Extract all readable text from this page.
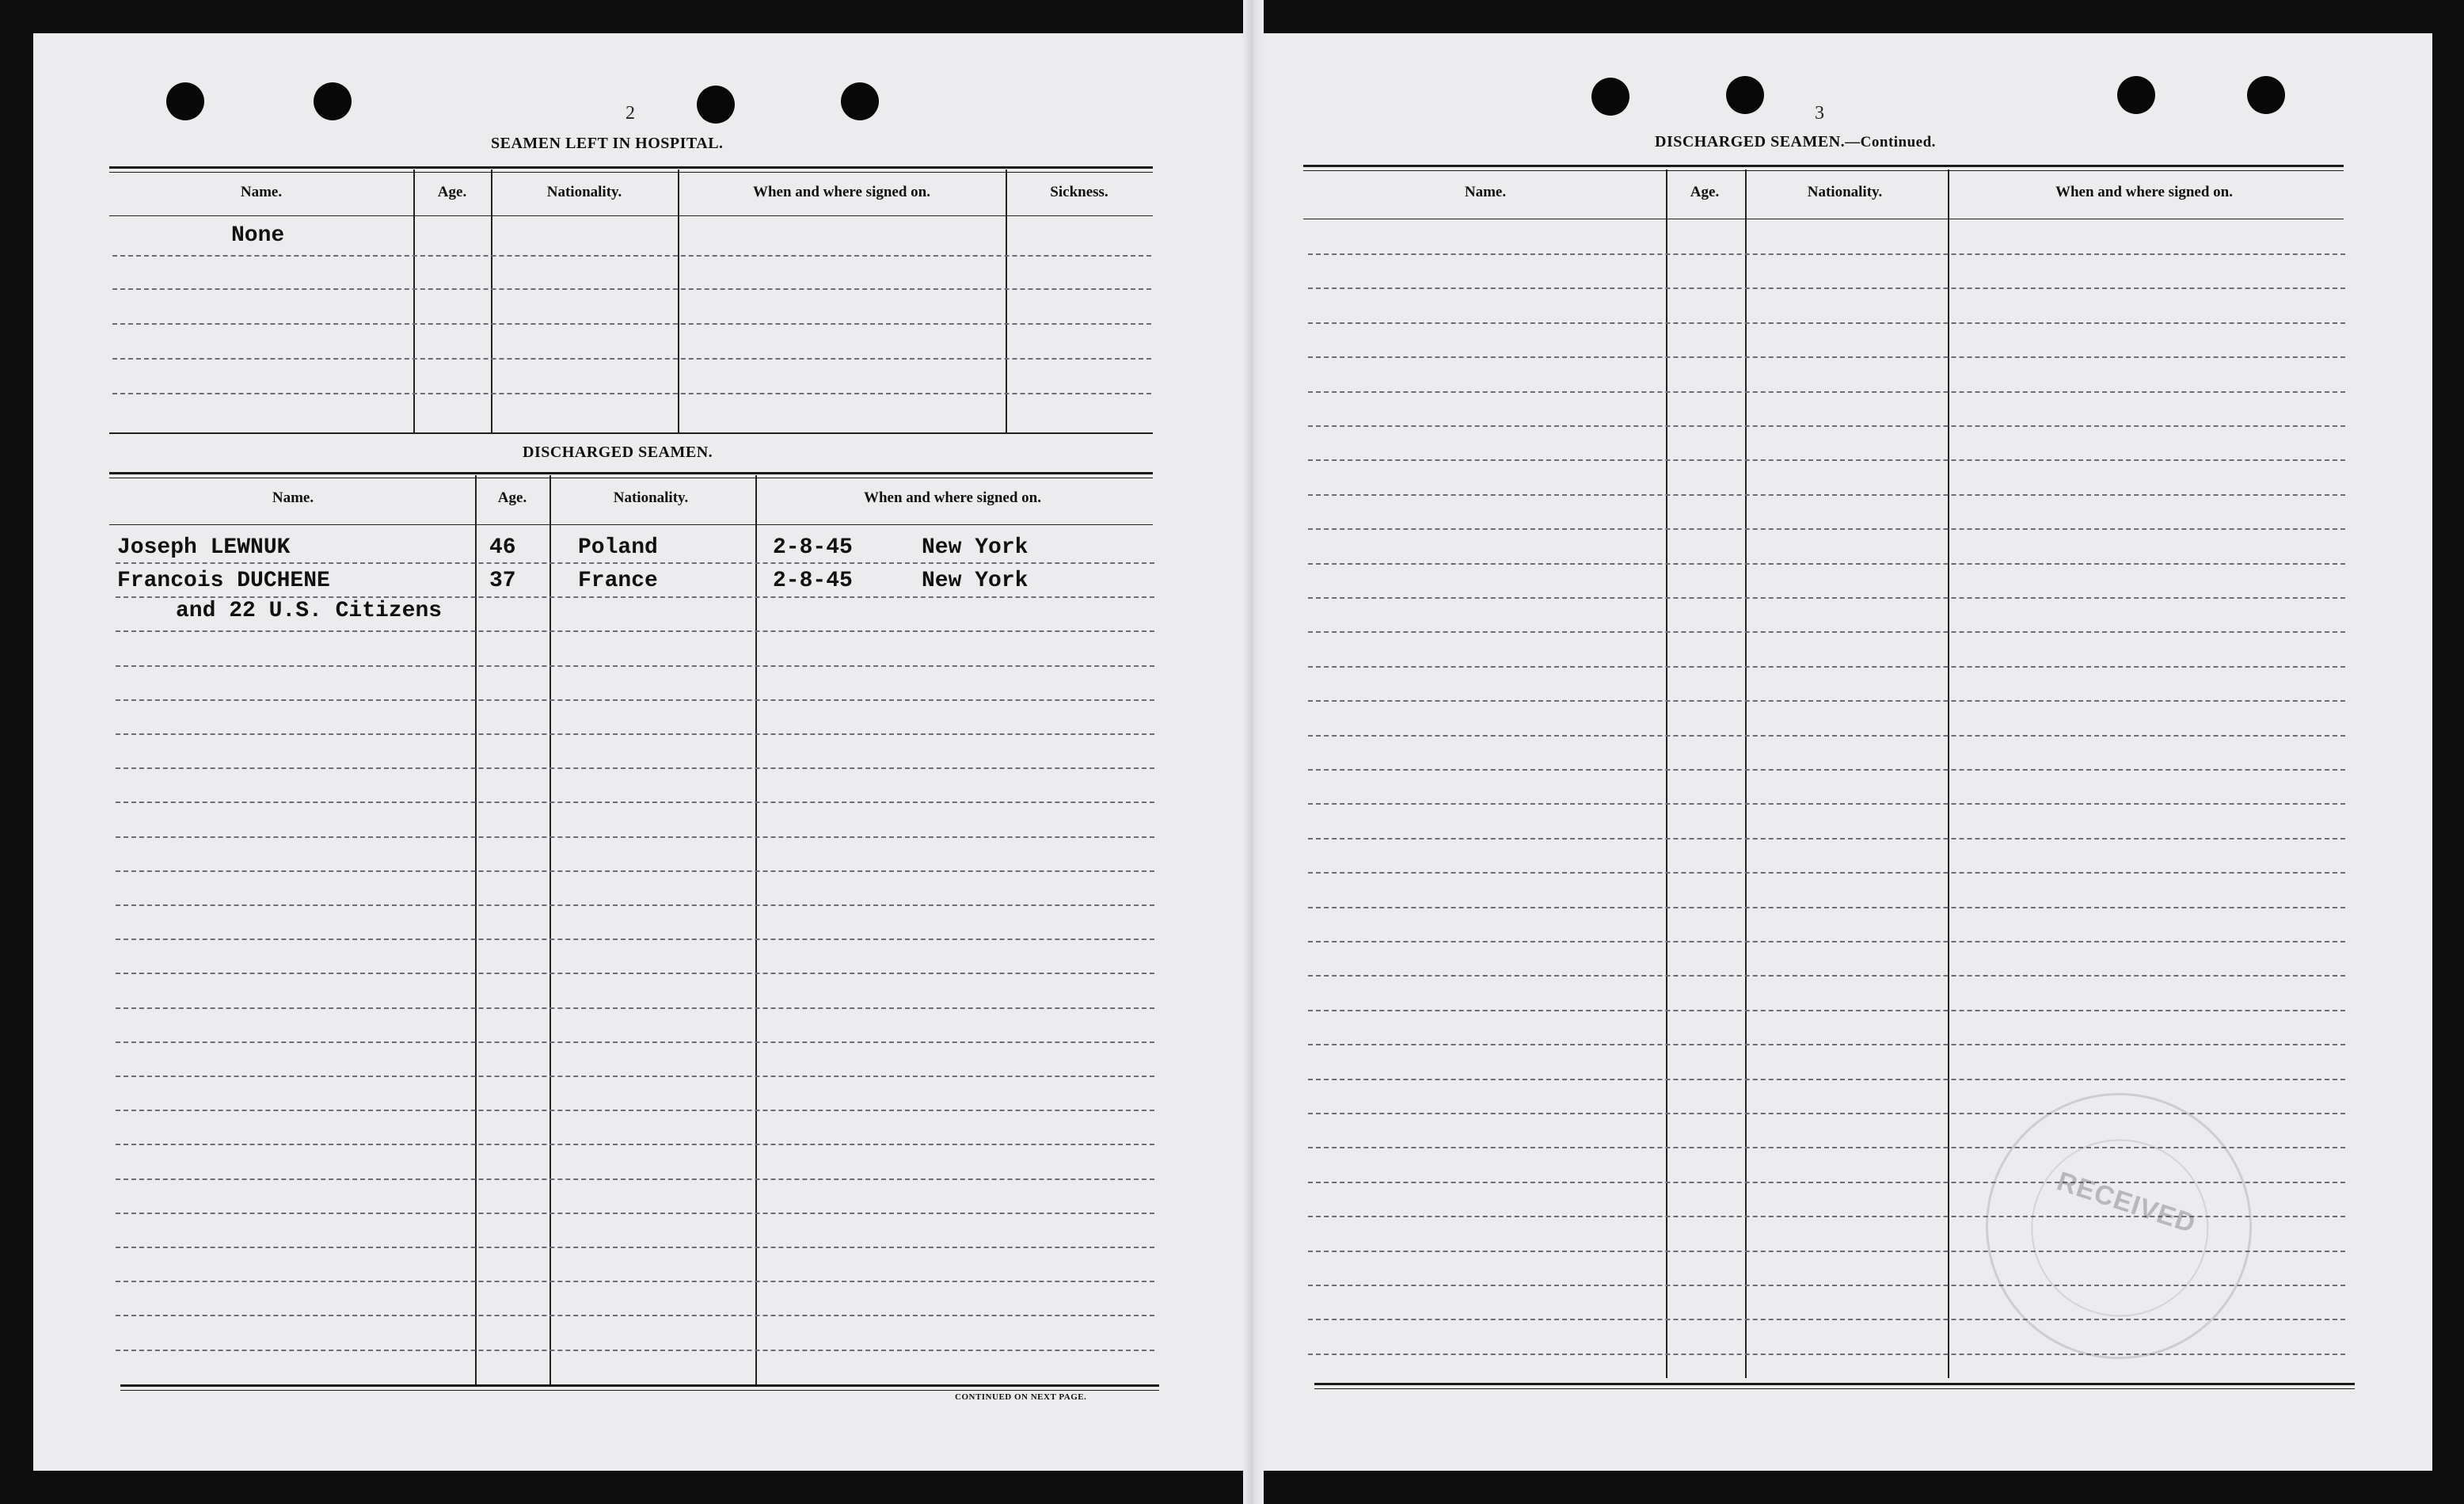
2
SEAMEN LEFT IN HOSPITAL.
Name.	Age.	Nationality.	When and where signed on.	Sickness.
None
DISCHARGED SEAMEN.
Name.	Age.	Nationality.	When and where signed on.
Joseph LEWNUK	46	Poland	2-8-45	New York
Francois DUCHENE	37	France	2-8-45	New York
and 22 U.S. Citizens
CONTINUED ON NEXT PAGE.
3
DISCHARGED SEAMEN.—Continued.
Name.	Age.	Nationality.	When and where signed on.
RECEIVED
